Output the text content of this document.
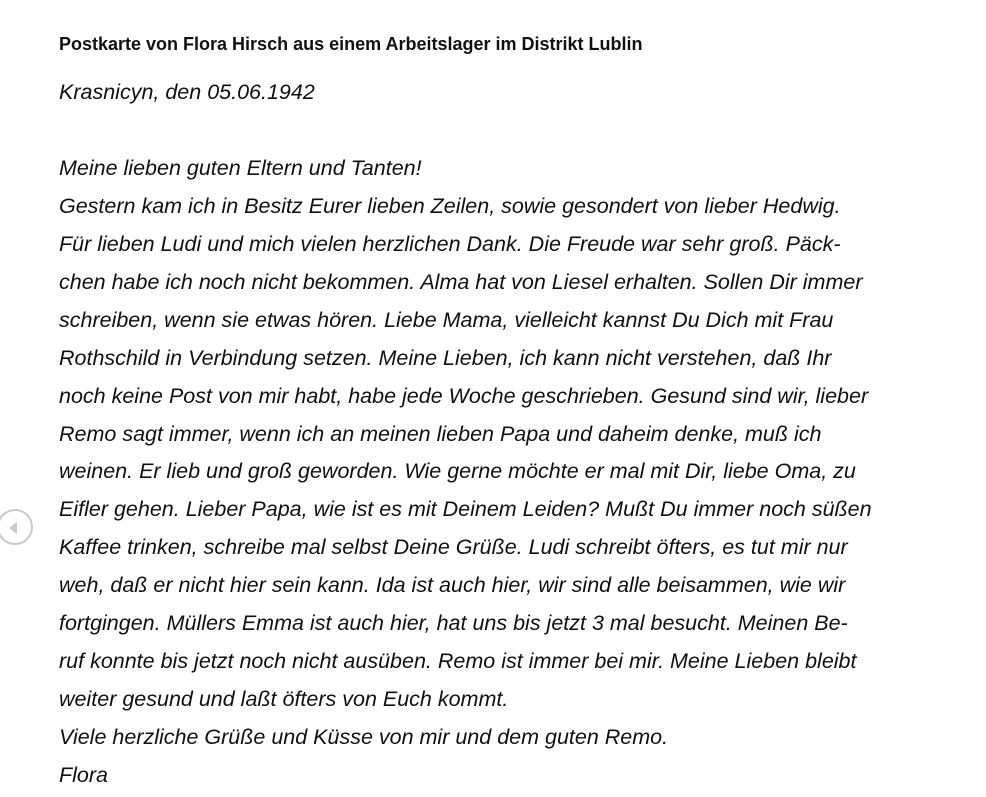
Postkarte von Flora Hirsch aus einem Arbeitslager im Distrikt Lublin
Krasnicyn, den 05.06.1942
Meine lieben guten Eltern und Tanten!
Gestern kam ich in Besitz Eurer lieben Zeilen, sowie gesondert von lieber Hedwig.
Für lieben Ludi und mich vielen herzlichen Dank. Die Freude war sehr groß. Päck-
chen habe ich noch nicht bekommen. Alma hat von Liesel erhalten. Sollen Dir immer
schreiben, wenn sie etwas hören. Liebe Mama, vielleicht kannst Du Dich mit Frau
Rothschild in Verbindung setzen. Meine Lieben, ich kann nicht verstehen, daß Ihr
noch keine Post von mir habt, habe jede Woche geschrieben. Gesund sind wir, lieber
Remo sagt immer, wenn ich an meinen lieben Papa und daheim denke, muß ich
weinen. Er lieb und groß geworden. Wie gerne möchte er mal mit Dir, liebe Oma, zu
Eifler gehen. Lieber Papa, wie ist es mit Deinem Leiden? Mußt Du immer noch süßen
Kaffee trinken, schreibe mal selbst Deine Grüße. Ludi schreibt öfters, es tut mir nur
weh, daß er nicht hier sein kann. Ida ist auch hier, wir sind alle beisammen, wie wir
fortgingen. Müllers Emma ist auch hier, hat uns bis jetzt 3 mal besucht. Meinen Be-
ruf konnte bis jetzt noch nicht ausüben. Remo ist immer bei mir. Meine Lieben bleibt
weiter gesund und laßt öfters von Euch kommt.
Viele herzliche Grüße und Küsse von mir und dem guten Remo.
Flora
